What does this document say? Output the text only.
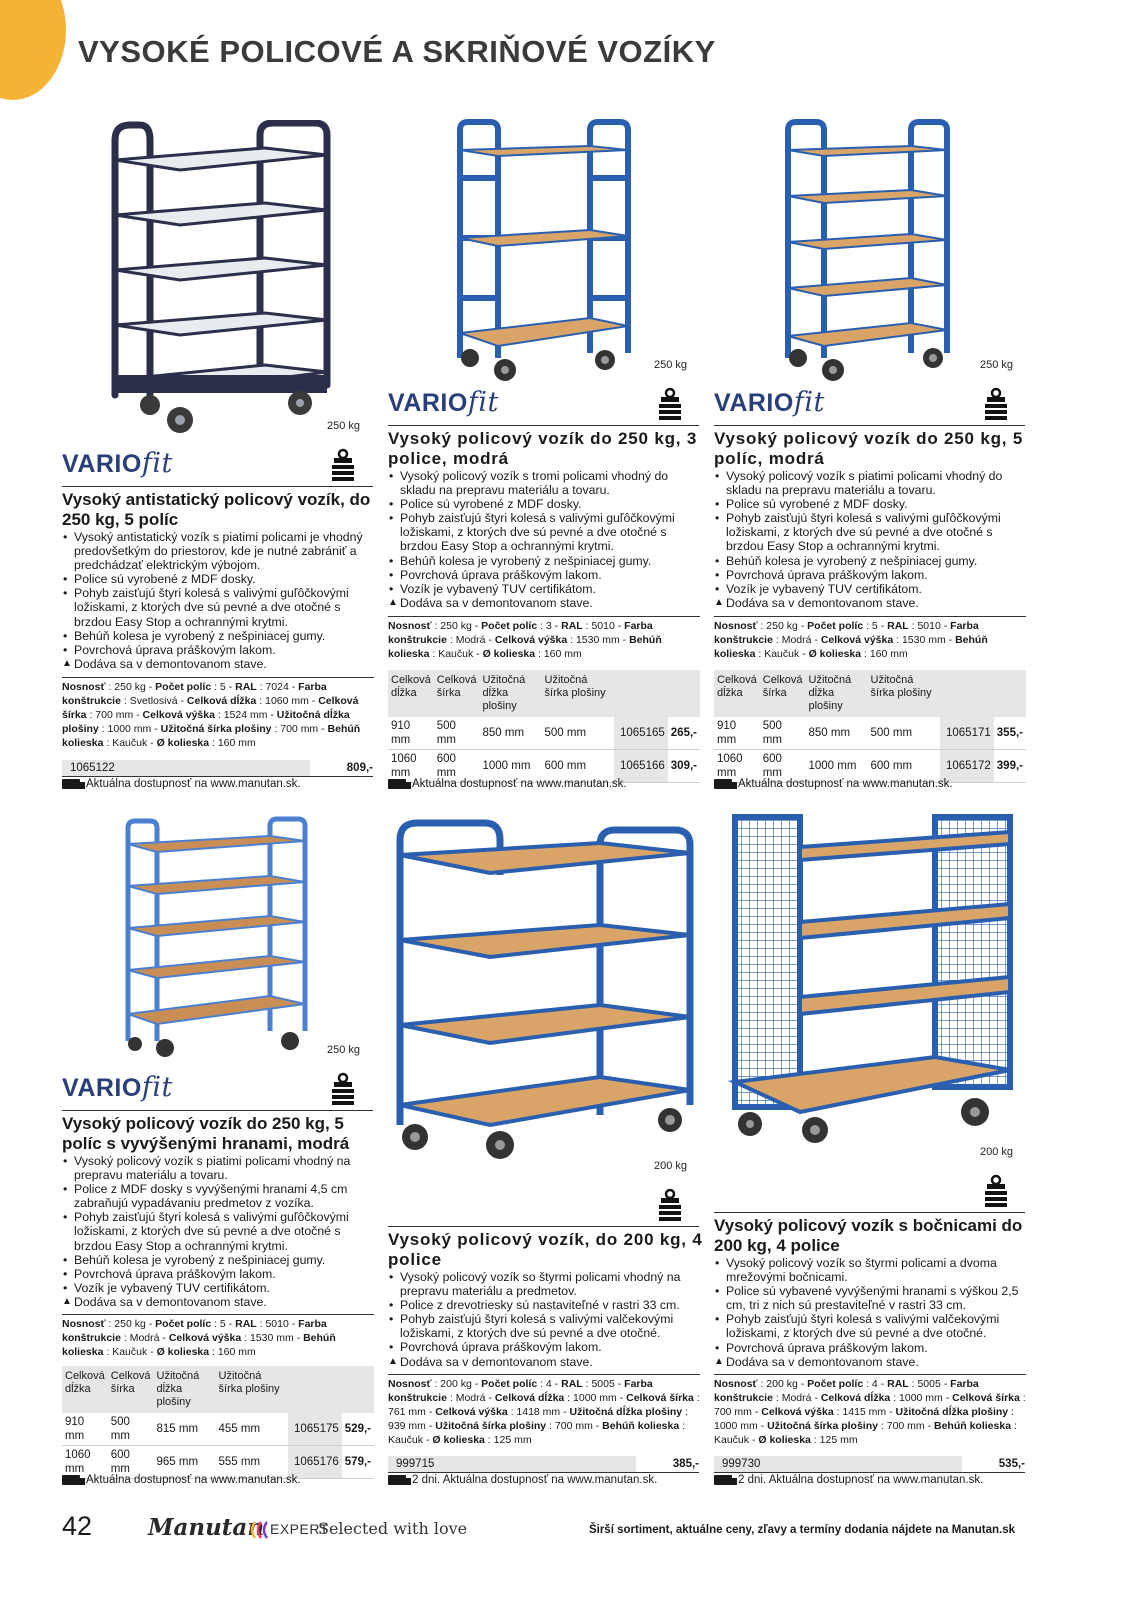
VYSOKÉ POLICOVÉ A SKRIŇOVÉ VOZÍKY
250 kg
VARIOfit
Vysoký antistatický policový vozík, do 250 kg, 5 políc
• Vysoký antistatický vozík s piatimi policami je vhodný predovšetkým do priestorov, kde je nutné zabrániť a predchádzať elektrickým výbojom.
• Police sú vyrobené z MDF dosky.
• Pohyb zaisťujú štyri kolesá s valivými guľôčkovými ložiskami, z ktorých dve sú pevné a dve otočné s brzdou Easy Stop a ochrannými krytmi.
• Behúň kolesa je vyrobený z nešpiniacej gumy.
• Povrchová úprava práškovým lakom.
▲ Dodáva sa v demontovanom stave.
Nosnosť : 250 kg - Počet políc : 5 - RAL : 7024 - Farba konštrukcie : Svetlosivá - Celková dĺžka : 1060 mm - Celková šírka : 700 mm - Celková výška : 1524 mm - Užitočná dĺžka plošiny : 1000 mm - Užitočná šírka plošiny : 700 mm - Behúň kolieska : Kaučuk - Ø kolieska : 160 mm
1065122	809,-
Aktuálna dostupnosť na www.manutan.sk.
250 kg
VARIOfit
Vysoký policový vozík do 250 kg, 3 police, modrá
• Vysoký policový vozík s tromi policami vhodný do skladu na prepravu materiálu a tovaru.
• Police sú vyrobené z MDF dosky.
• Pohyb zaisťujú štyri kolesá s valivými guľôčkovými ložiskami, z ktorých dve sú pevné a dve otočné s brzdou Easy Stop a ochrannými krytmi.
• Behúň kolesa je vyrobený z nešpiniacej gumy.
• Povrchová úprava práškovým lakom.
• Vozík je vybavený TUV certifikátom.
▲ Dodáva sa v demontovanom stave.
Nosnosť : 250 kg - Počet políc : 3 - RAL : 5010 - Farba konštrukcie : Modrá - Celková výška : 1530 mm - Behúň kolieska : Kaučuk - Ø kolieska : 160 mm
Celková dĺžka	Celková šírka	Užitočná dĺžka plošiny	Užitočná šírka plošiny		
910 mm	500 mm	850 mm	500 mm	1065165	265,-
1060 mm	600 mm	1000 mm	600 mm	1065166	309,-
Aktuálna dostupnosť na www.manutan.sk.
250 kg
VARIOfit
Vysoký policový vozík do 250 kg, 5 políc, modrá
• Vysoký policový vozík s piatimi policami vhodný do skladu na prepravu materiálu a tovaru.
• Police sú vyrobené z MDF dosky.
• Pohyb zaisťujú štyri kolesá s valivými guľôčkovými ložiskami, z ktorých dve sú pevné a dve otočné s brzdou Easy Stop a ochrannými krytmi.
• Behúň kolesa je vyrobený z nešpiniacej gumy.
• Povrchová úprava práškovým lakom.
• Vozík je vybavený TUV certifikátom.
▲ Dodáva sa v demontovanom stave.
Nosnosť : 250 kg - Počet políc : 5 - RAL : 5010 - Farba konštrukcie : Modrá - Celková výška : 1530 mm - Behúň kolieska : Kaučuk - Ø kolieska : 160 mm
Celková dĺžka	Celková šírka	Užitočná dĺžka plošiny	Užitočná šírka plošiny		
910 mm	500 mm	850 mm	500 mm	1065171	355,-
1060 mm	600 mm	1000 mm	600 mm	1065172	399,-
Aktuálna dostupnosť na www.manutan.sk.
250 kg
VARIOfit
Vysoký policový vozík do 250 kg, 5 políc s vyvýšenými hranami, modrá
• Vysoký policový vozík s piatimi policami vhodný na prepravu materiálu a tovaru.
• Police z MDF dosky s vyvýšenými hranami 4,5 cm zabraňujú vypadávaniu predmetov z vozíka.
• Pohyb zaisťujú štyri kolesá s valivými guľôčkovými ložiskami, z ktorých dve sú pevné a dve otočné s brzdou Easy Stop a ochrannými krytmi.
• Behúň kolesa je vyrobený z nešpiniacej gumy.
• Povrchová úprava práškovým lakom.
• Vozík je vybavený TUV certifikátom.
▲ Dodáva sa v demontovanom stave.
Nosnosť : 250 kg - Počet políc : 5 - RAL : 5010 - Farba konštrukcie : Modrá - Celková výška : 1530 mm - Behúň kolieska : Kaučuk - Ø kolieska : 160 mm
Celková dĺžka	Celková šírka	Užitočná dĺžka plošiny	Užitočná šírka plošiny		
910 mm	500 mm	815 mm	455 mm	1065175	529,-
1060 mm	600 mm	965 mm	555 mm	1065176	579,-
Aktuálna dostupnosť na www.manutan.sk.
200 kg
Vysoký policový vozík, do 200 kg, 4 police
• Vysoký policový vozík so štyrmi policami vhodný na prepravu materiálu a predmetov.
• Police z drevotriesky sú nastaviteľné v rastri 33 cm.
• Pohyb zaisťujú štyri kolesá s valivými valčekovými ložiskami, z ktorých dve sú pevné a dve otočné.
• Povrchová úprava práškovým lakom.
▲ Dodáva sa v demontovanom stave.
Nosnosť : 200 kg - Počet políc : 4 - RAL : 5005 - Farba konštrukcie : Modrá - Celková dĺžka : 1000 mm - Celková šírka : 761 mm - Celková výška : 1418 mm - Užitočná dĺžka plošiny : 939 mm - Užitočná šírka plošiny : 700 mm - Behúň kolieska : Kaučuk - Ø kolieska : 125 mm
999715	385,-
2 dni. Aktuálna dostupnosť na www.manutan.sk.
200 kg
Vysoký policový vozík s bočnicami do 200 kg, 4 police
• Vysoký policový vozík so štyrmi policami a dvoma mrežovými bočnicami.
• Police sú vybavené vyvýšenými hranami s výškou 2,5 cm, tri z nich sú prestaviteľné v rastri 33 cm.
• Pohyb zaisťujú štyri kolesá s valivými valčekovými ložiskami, z ktorých dve sú pevné a dve otočné.
• Povrchová úprava práškovým lakom.
▲ Dodáva sa v demontovanom stave.
Nosnosť : 200 kg - Počet políc : 4 - RAL : 5005 - Farba konštrukcie : Modrá - Celková dĺžka : 1000 mm - Celková šírka : 700 mm - Celková výška : 1415 mm - Užitočná dĺžka plošiny : 1000 mm - Užitočná šírka plošiny : 700 mm - Behúň kolieska : Kaučuk - Ø kolieska : 125 mm
999730	535,-
2 dni. Aktuálna dostupnosť na www.manutan.sk.
42 Manutan EXPERT
Selected with love	Širší sortiment, aktuálne ceny, zľavy a termíny dodania nájdete na Manutan.sk
